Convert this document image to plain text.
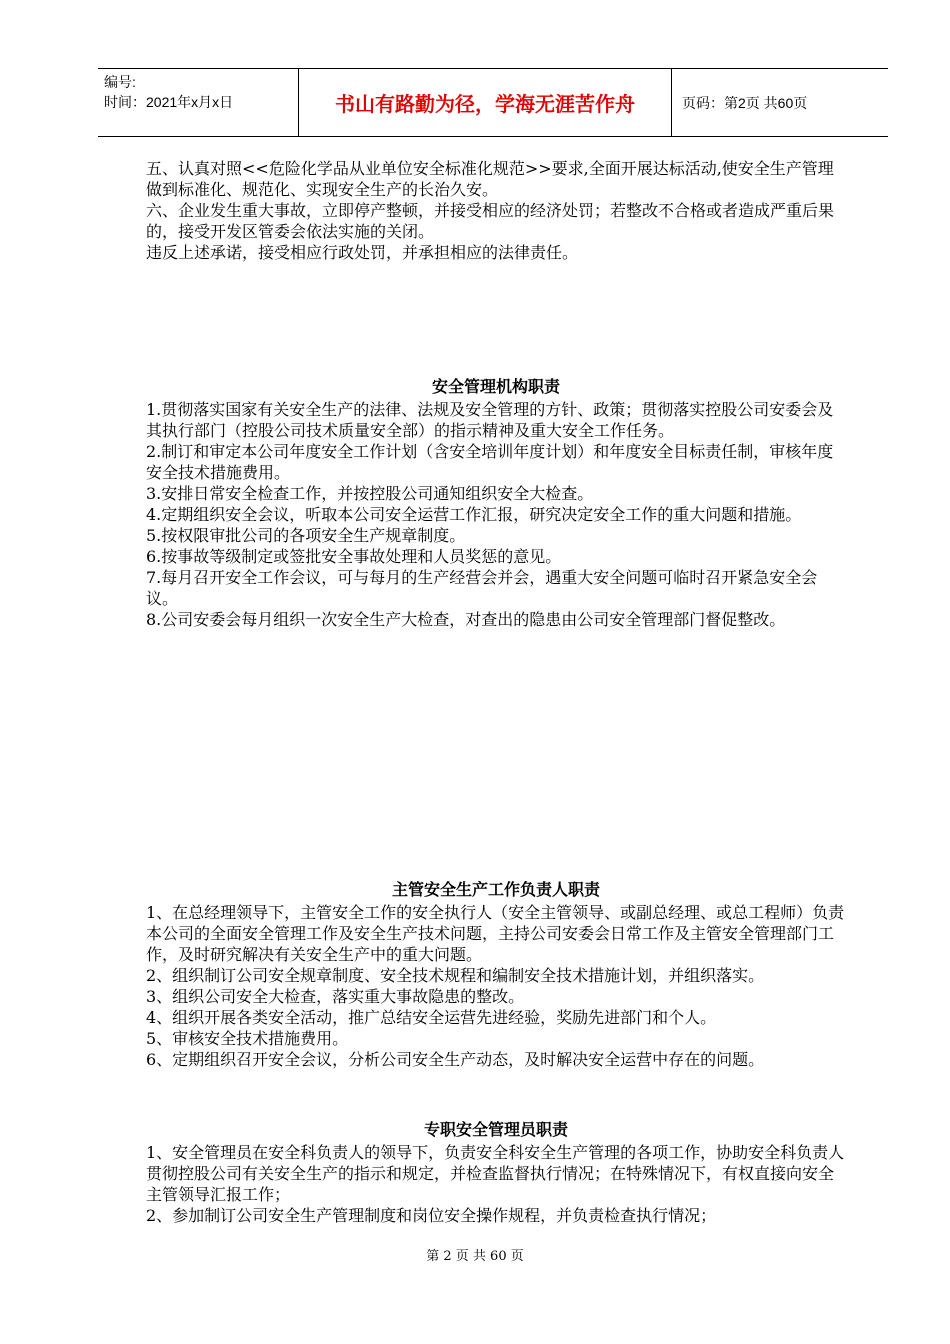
编号:
时间：2021年x月x日	书山有路勤为径，学海无涯苦作舟	页码：第2页 共60页

五、认真对照<<危险化学品从业单位安全标准化规范>>要求,全面开展达标活动,使安全生产管理做到标准化、规范化、实现安全生产的长治久安。

六、企业发生重大事故，立即停产整顿，并接受相应的经济处罚；若整改不合格或者造成严重后果的，接受开发区管委会依法实施的关闭。

违反上述承诺，接受相应行政处罚，并承担相应的法律责任。

安全管理机构职责

1.贯彻落实国家有关安全生产的法律、法规及安全管理的方针、政策；贯彻落实控股公司安委会及其执行部门（控股公司技术质量安全部）的指示精神及重大安全工作任务。

2.制订和审定本公司年度安全工作计划（含安全培训年度计划）和年度安全目标责任制，审核年度安全技术措施费用。

3.安排日常安全检查工作，并按控股公司通知组织安全大检查。

4.定期组织安全会议，听取本公司安全运营工作汇报，研究决定安全工作的重大问题和措施。

5.按权限审批公司的各项安全生产规章制度。

6.按事故等级制定或签批安全事故处理和人员奖惩的意见。

7.每月召开安全工作会议，可与每月的生产经营会并会，遇重大安全问题可临时召开紧急安全会议。

8.公司安委会每月组织一次安全生产大检查，对查出的隐患由公司安全管理部门督促整改。

主管安全生产工作负责人职责

1、在总经理领导下，主管安全工作的安全执行人（安全主管领导、或副总经理、或总工程师）负责本公司的全面安全管理工作及安全生产技术问题，主持公司安委会日常工作及主管安全管理部门工作，及时研究解决有关安全生产中的重大问题。

2、组织制订公司安全规章制度、安全技术规程和编制安全技术措施计划，并组织落实。

3、组织公司安全大检查，落实重大事故隐患的整改。

4、组织开展各类安全活动，推广总结安全运营先进经验，奖励先进部门和个人。

5、审核安全技术措施费用。

6、定期组织召开安全会议，分析公司安全生产动态，及时解决安全运营中存在的问题。

专职安全管理员职责

1、安全管理员在安全科负责人的领导下，负责安全科安全生产管理的各项工作，协助安全科负责人贯彻控股公司有关安全生产的指示和规定，并检查监督执行情况；在特殊情况下，有权直接向安全主管领导汇报工作；

2、参加制订公司安全生产管理制度和岗位安全操作规程，并负责检查执行情况；

第 2 页 共 60 页
